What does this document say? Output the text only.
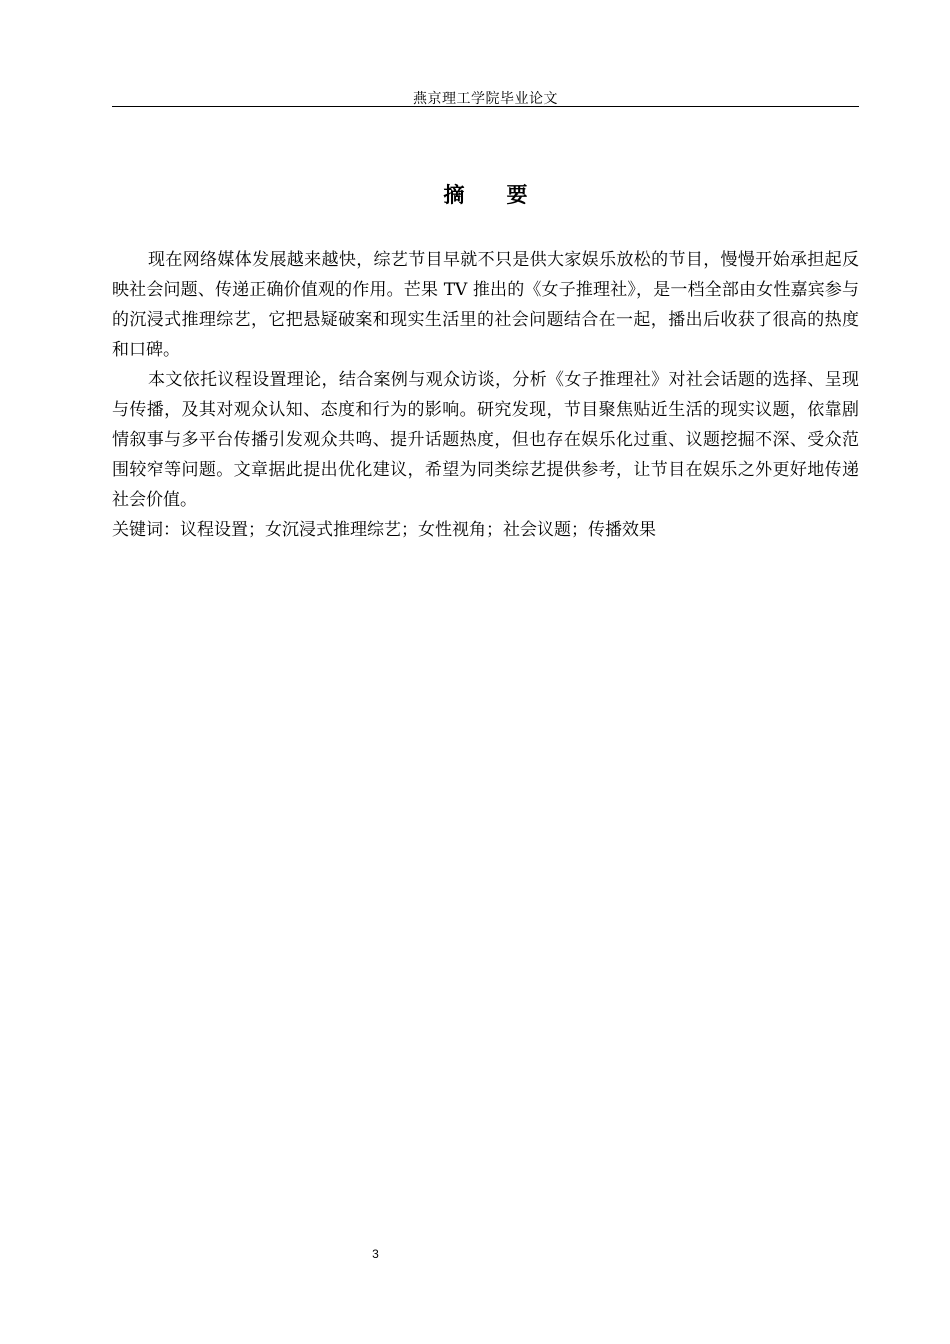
燕京理工学院毕业论文
摘 要

现在网络媒体发展越来越快，综艺节目早就不只是供大家娱乐放松的节目，慢慢开始承担起反映社会问题、传递正确价值观的作用。芒果 TV 推出的《女子推理社》，是一档全部由女性嘉宾参与的沉浸式推理综艺，它把悬疑破案和现实生活里的社会问题结合在一起，播出后收获了很高的热度和口碑。

本文依托议程设置理论，结合案例与观众访谈，分析《女子推理社》对社会话题的选择、呈现与传播，及其对观众认知、态度和行为的影响。研究发现，节目聚焦贴近生活的现实议题，依靠剧情叙事与多平台传播引发观众共鸣、提升话题热度，但也存在娱乐化过重、议题挖掘不深、受众范围较窄等问题。文章据此提出优化建议，希望为同类综艺提供参考，让节目在娱乐之外更好地传递社会价值。

关键词：议程设置；女沉浸式推理综艺；女性视角；社会议题；传播效果

3
